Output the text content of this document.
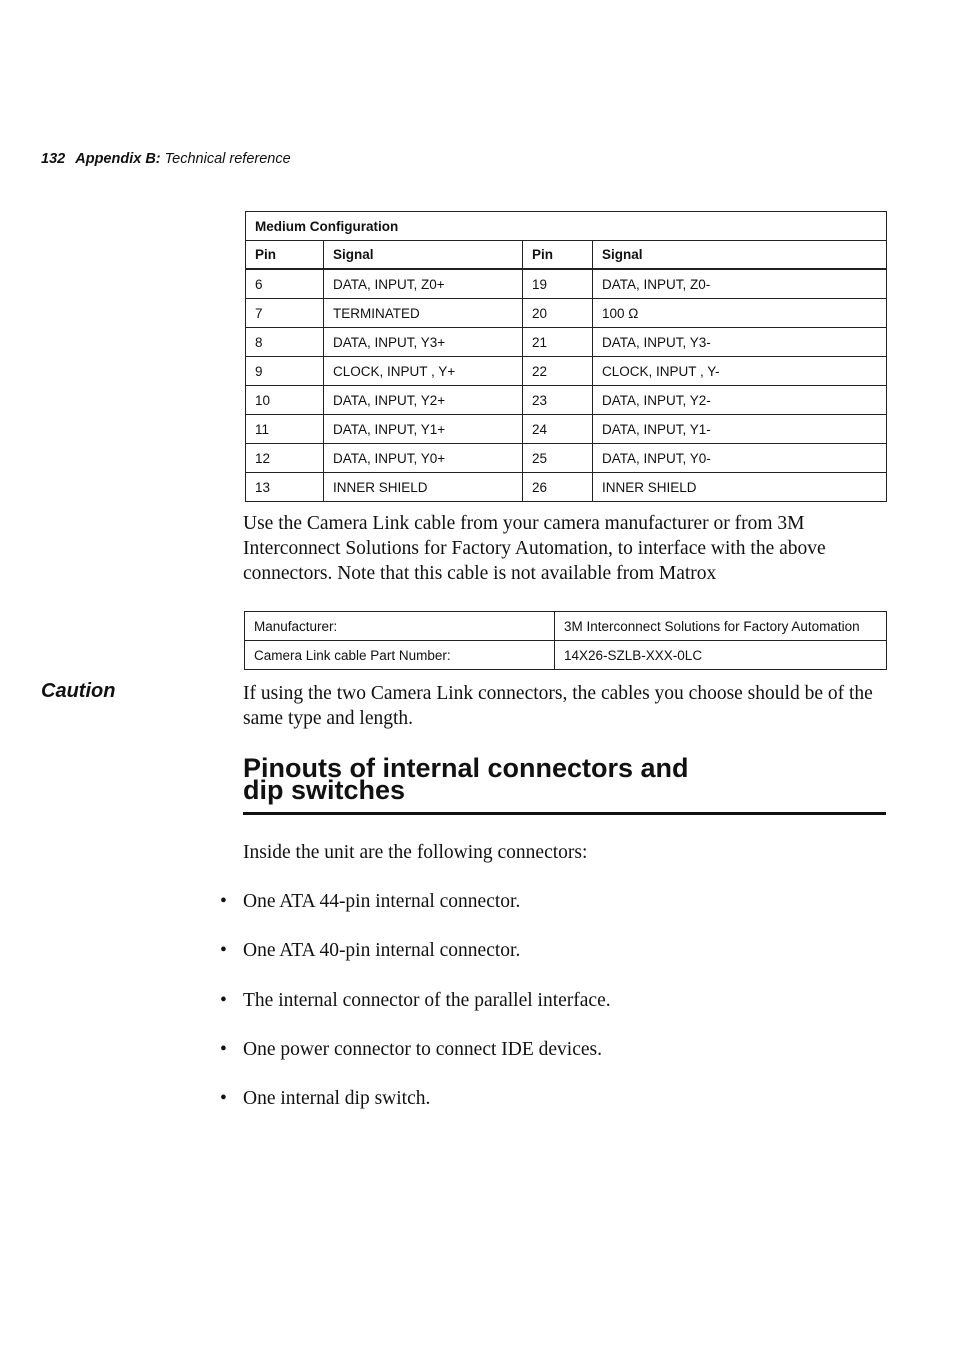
132 Appendix B: Technical reference
Medium Configuration			
Pin	Signal	Pin	Signal
6	DATA, INPUT, Z0+	19	DATA, INPUT, Z0-
7	TERMINATED	20	100 Ω
8	DATA, INPUT, Y3+	21	DATA, INPUT, Y3-
9	CLOCK, INPUT , Y+	22	CLOCK, INPUT , Y-
10	DATA, INPUT, Y2+	23	DATA, INPUT, Y2-
11	DATA, INPUT, Y1+	24	DATA, INPUT, Y1-
12	DATA, INPUT, Y0+	25	DATA, INPUT, Y0-
13	INNER SHIELD	26	INNER SHIELD
Use the Camera Link cable from your camera manufacturer or from 3M Interconnect Solutions for Factory Automation, to interface with the above connectors. Note that this cable is not available from Matrox
Manufacturer:	3M Interconnect Solutions for Factory Automation
Camera Link cable Part Number:	14X26-SZLB-XXX-0LC
Caution	If using the two Camera Link connectors, the cables you choose should be of the same type and length.
Pinouts of internal connectors and
dip switches
Inside the unit are the following connectors:
• One ATA 44-pin internal connector.
• One ATA 40-pin internal connector.
• The internal connector of the parallel interface.
• One power connector to connect IDE devices.
• One internal dip switch.
